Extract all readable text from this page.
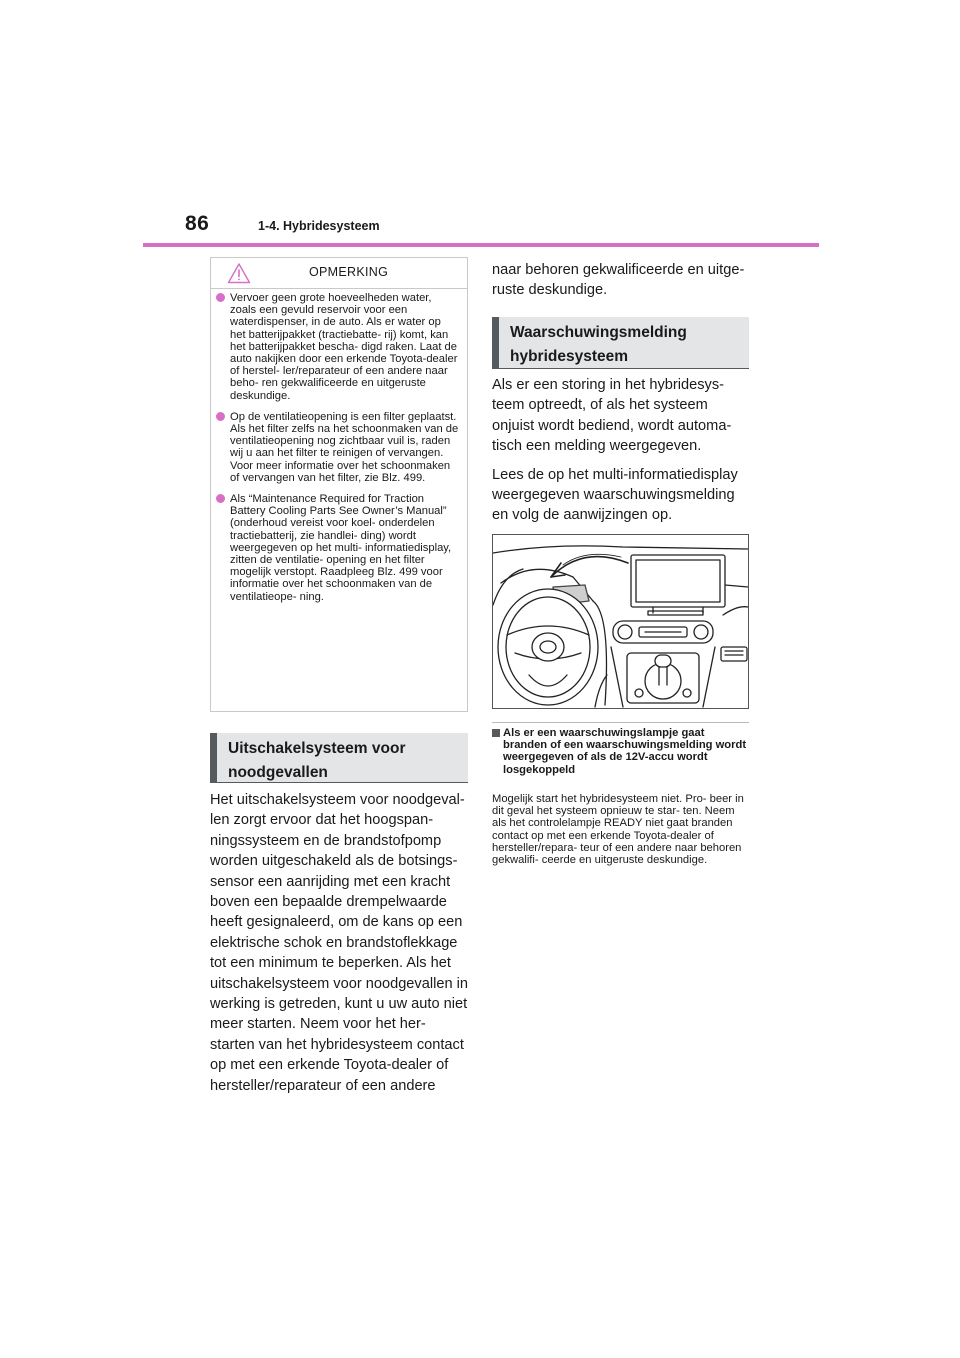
86	1-4. Hybridesysteem
OPMERKING
Vervoer geen grote hoeveelheden water, zoals een gevuld reservoir voor een waterdispenser, in de auto. Als er water op het batterijpakket (tractiebatte- rij) komt, kan het batterijpakket bescha- digd raken. Laat de auto nakijken door een erkende Toyota-dealer of herstel- ler/reparateur of een andere naar beho- ren gekwalificeerde en uitgeruste deskundige.
Op de ventilatieopening is een filter geplaatst. Als het filter zelfs na het schoonmaken van de ventilatieopening nog zichtbaar vuil is, raden wij u aan het filter te reinigen of vervangen. Voor meer informatie over het schoonmaken of vervangen van het filter, zie Blz. 499.
Als “Maintenance Required for Traction Battery Cooling Parts See Owner’s Manual” (onderhoud vereist voor koel- onderdelen tractiebatterij, zie handlei- ding) wordt weergegeven op het multi- informatiedisplay, zitten de ventilatie- opening en het filter mogelijk verstopt. Raadpleeg Blz. 499 voor informatie over het schoonmaken van de ventilatieope- ning.
Uitschakelsysteem voor
noodgevallen

Het uitschakelsysteem voor noodgeval- len zorgt ervoor dat het hoogspan- ningssysteem en de brandstofpomp worden uitgeschakeld als de botsings- sensor een aanrijding met een kracht boven een bepaalde drempelwaarde heeft gesignaleerd, om de kans op een elektrische schok en brandstoflekkage tot een minimum te beperken. Als het uitschakelsysteem voor noodgevallen in werking is getreden, kunt u uw auto niet meer starten. Neem voor het her- starten van het hybridesysteem contact op met een erkende Toyota-dealer of hersteller/reparateur of een andere

naar behoren gekwalificeerde en uitge- ruste deskundige.

Waarschuwingsmelding
hybridesysteem

Als er een storing in het hybridesys- teem optreedt, of als het systeem onjuist wordt bediend, wordt automa- tisch een melding weergegeven.

Lees de op het multi-informatiedisplay weergegeven waarschuwingsmelding en volg de aanwijzingen op.

Als er een waarschuwingslampje gaat branden of een waarschuwingsmelding wordt weergegeven of als de 12V-accu wordt losgekoppeld
Mogelijk start het hybridesysteem niet. Pro- beer in dit geval het systeem opnieuw te star- ten. Neem als het controlelampje READY niet gaat branden contact op met een erkende Toyota-dealer of hersteller/repara- teur of een andere naar behoren gekwalifi- ceerde en uitgeruste deskundige.
